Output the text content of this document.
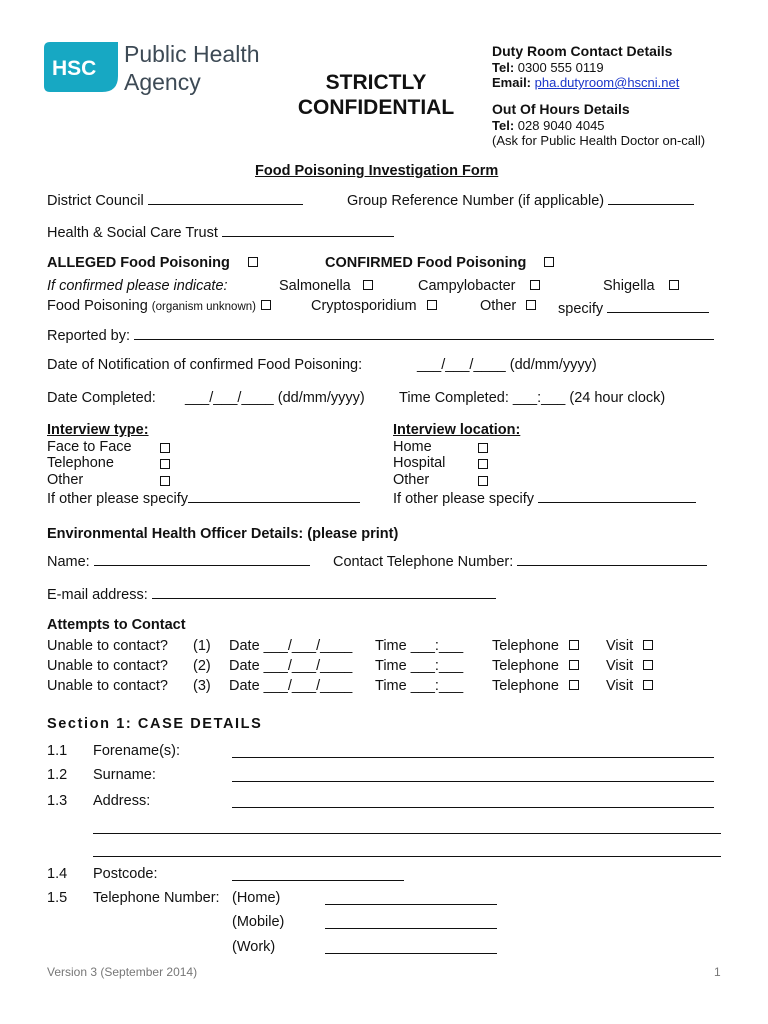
HSC
Public Health
Agency	STRICTLY
CONFIDENTIAL
Duty Room Contact Details
Tel: 0300 555 0119
Email: pha.dutyroom@hscni.net
Out Of Hours Details
Tel: 028 9040 4045
(Ask for Public Health Doctor on-call)
Food Poisoning Investigation Form
District Council	Group Reference Number (if applicable)
Health & Social Care Trust
ALLEGED Food Poisoning	CONFIRMED Food Poisoning
If confirmed please indicate:	Salmonella	Campylobacter	Shigella
Food Poisoning (organism unknown)	Cryptosporidium	Other	specify
Reported by:
Date of Notification of confirmed Food Poisoning:	___/___/____ (dd/mm/yyyy)
Date Completed: ___/___/____ (dd/mm/yyyy) Time Completed: ___:___ (24 hour clock)
Interview type:
Face to Face
Telephone
Other
If other please specify
Interview location:
Home
Hospital
Other
If other please specify
Environmental Health Officer Details: (please print)
Name:	Contact Telephone Number:
E-mail address:
Attempts to Contact
Unable to contact? (1) Date ___/___/____ Time ___:___ Telephone	Visit
Unable to contact? (2) Date ___/___/____ Time ___:___ Telephone	Visit
Unable to contact? (3) Date ___/___/____ Time ___:___ Telephone	Visit
Section 1: CASE DETAILS
1.1 Forename(s):
1.2 Surname:
1.3 Address:
1.4 Postcode:
1.5 Telephone Number: (Home)
(Mobile)
(Work)
Version 3 (September 2014)	1
